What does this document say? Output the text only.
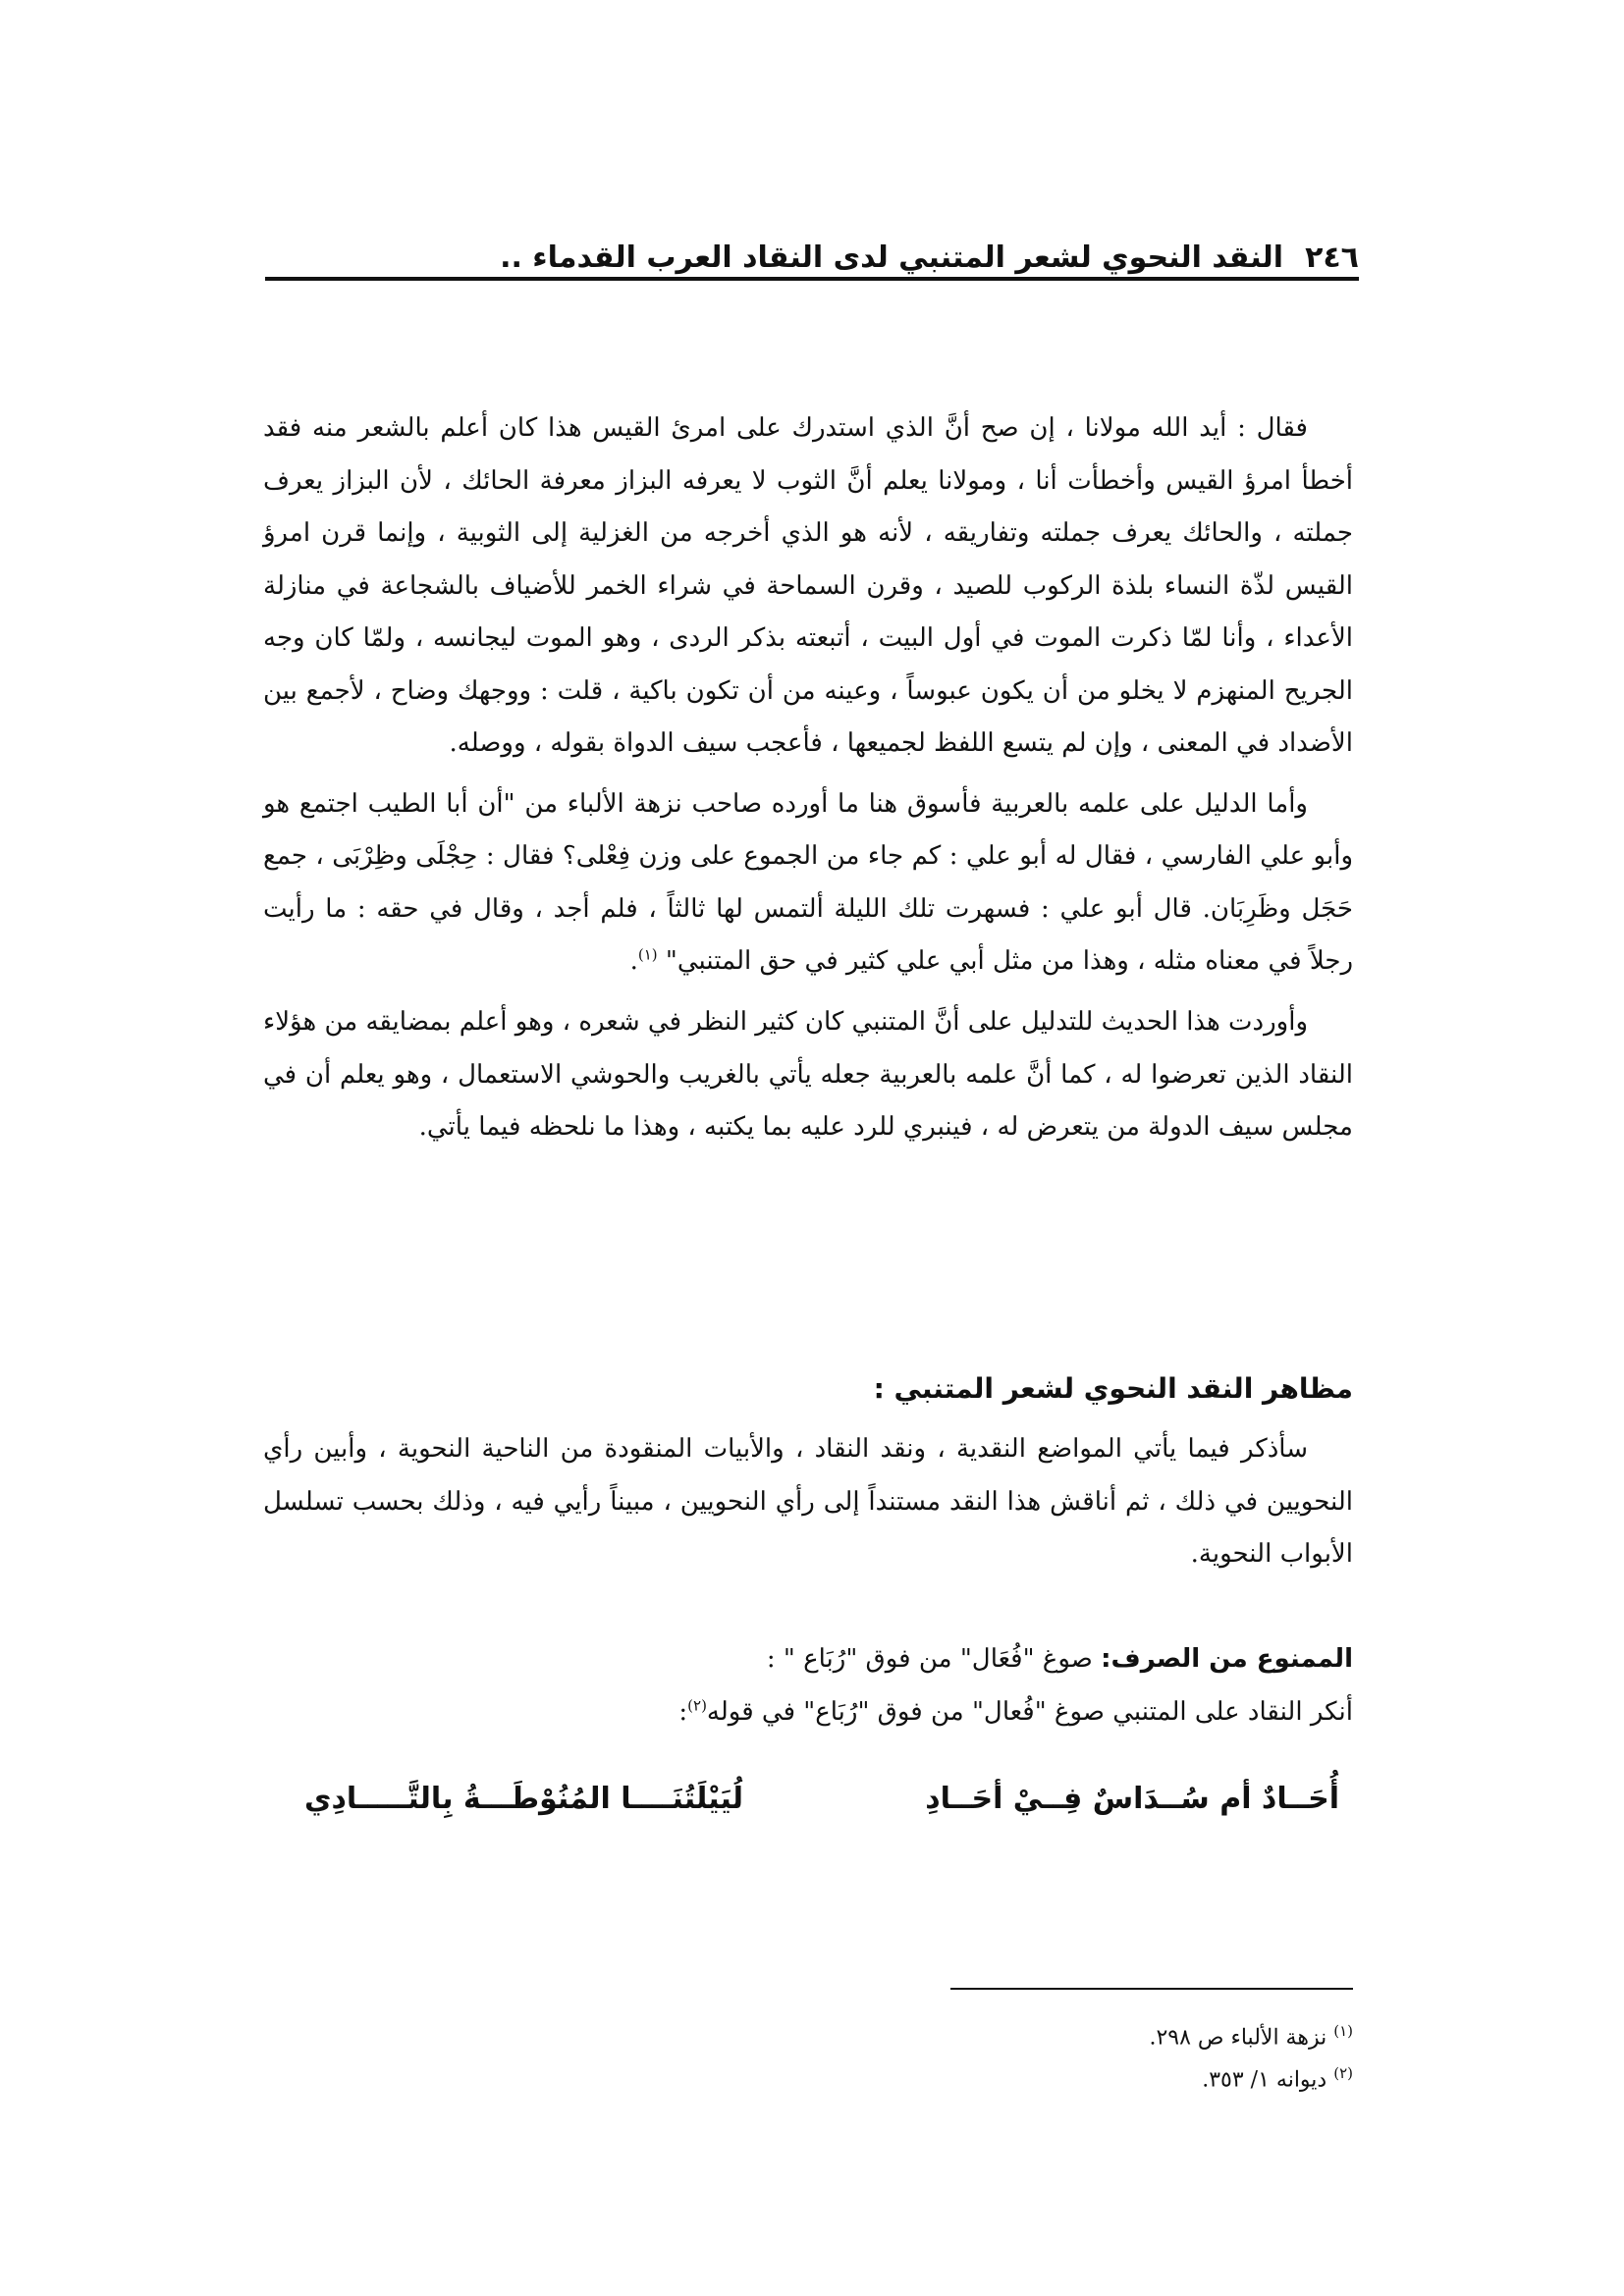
٢٤٦
النقد النحوي لشعر المتنبي لدى النقاد العرب القدماء ..

فقال : أيد الله مولانا ، إن صح أنَّ الذي استدرك على امرئ القيس هذا كان أعلم بالشعر منه فقد أخطأ امرؤ القيس وأخطأت أنا ، ومولانا يعلم أنَّ الثوب لا يعرفه البزاز معرفة الحائك ، لأن البزاز يعرف جملته ، والحائك يعرف جملته وتفاريقه ، لأنه هو الذي أخرجه من الغزلية إلى الثوبية ، وإنما قرن امرؤ القيس لذّة النساء بلذة الركوب للصيد ، وقرن السماحة في شراء الخمر للأضياف بالشجاعة في منازلة الأعداء ، وأنا لمّا ذكرت الموت في أول البيت ، أتبعته بذكر الردى ، وهو الموت ليجانسه ، ولمّا كان وجه الجريح المنهزم لا يخلو من أن يكون عبوساً ، وعينه من أن تكون باكية ، قلت : ووجهك وضاح ، لأجمع بين الأضداد في المعنى ، وإن لم يتسع اللفظ لجميعها ، فأعجب سيف الدواة بقوله ، ووصله.

وأما الدليل على علمه بالعربية فأسوق هنا ما أورده صاحب نزهة الألباء من "أن أبا الطيب اجتمع هو وأبو علي الفارسي ، فقال له أبو علي : كم جاء من الجموع على وزن فِعْلى؟ فقال : حِجْلَى وظِرْبَى ، جمع حَجَل وظَرِبَان. قال أبو علي : فسهرت تلك الليلة ألتمس لها ثالثاً ، فلم أجد ، وقال في حقه : ما رأيت رجلاً في معناه مثله ، وهذا من مثل أبي علي كثير في حق المتنبي" $^{(١)}$.

وأوردت هذا الحديث للتدليل على أنَّ المتنبي كان كثير النظر في شعره ، وهو أعلم بمضايقه من هؤلاء النقاد الذين تعرضوا له ، كما أنَّ علمه بالعربية جعله يأتي بالغريب والحوشي الاستعمال ، وهو يعلم أن في مجلس سيف الدولة من يتعرض له ، فينبري للرد عليه بما يكتبه ، وهذا ما نلحظه فيما يأتي.

مظاهر النقد النحوي لشعر المتنبي :

سأذكر فيما يأتي المواضع النقدية ، ونقد النقاد ، والأبيات المنقودة من الناحية النحوية ، وأبين رأي النحويين في ذلك ، ثم أناقش هذا النقد مستنداً إلى رأي النحويين ، مبيناً رأيي فيه ، وذلك بحسب تسلسل الأبواب النحوية.

الممنوع من الصرف: صوغ "فُعَال" من فوق "رُبَاع " :

أنكر النقاد على المتنبي صوغ "فُعال" من فوق "رُبَاع" في قوله$^{(٢)}$:

أُحَــادٌ أم سُــدَاسٌ فِــيْ أحَــادِ
لُيَيْلَتُنَــــا المُنُوْطَـــةُ بِالتَّـــــادِي

$^{(١)}$ نزهة الألباء ص ٢٩٨.

$^{(٢)}$ ديوانه ١/ ٣٥٣.
